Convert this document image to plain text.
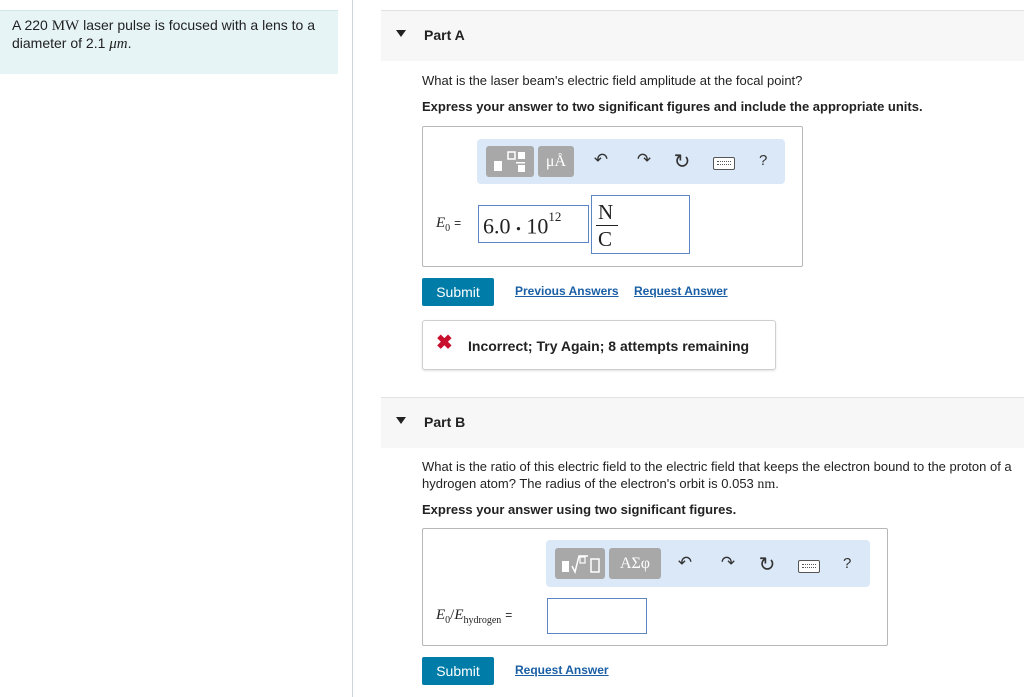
A 220 MW laser pulse is focused with a lens to a diameter of 2.1 μm.	Part A
What is the laser beam's electric field amplitude at the focal point?
Express your answer to two significant figures and include the appropriate units.
μÅ	↶ ↷ ↻	?
$E_0 = 6.0$ • $10^{12}$ N
C
Submit	Previous Answers Request Answer
✖ Incorrect; Try Again; 8 attempts remaining
Part B
What is the ratio of this electric field to the electric field that keeps the electron bound to the proton of a hydrogen atom? The radius of the electron's orbit is 0.053 nm.
Express your answer using two significant figures.
ΑΣφ	↶ ↷ ↻	?
$E_0/E_{hydrogen}$ =
Submit	Request Answer
